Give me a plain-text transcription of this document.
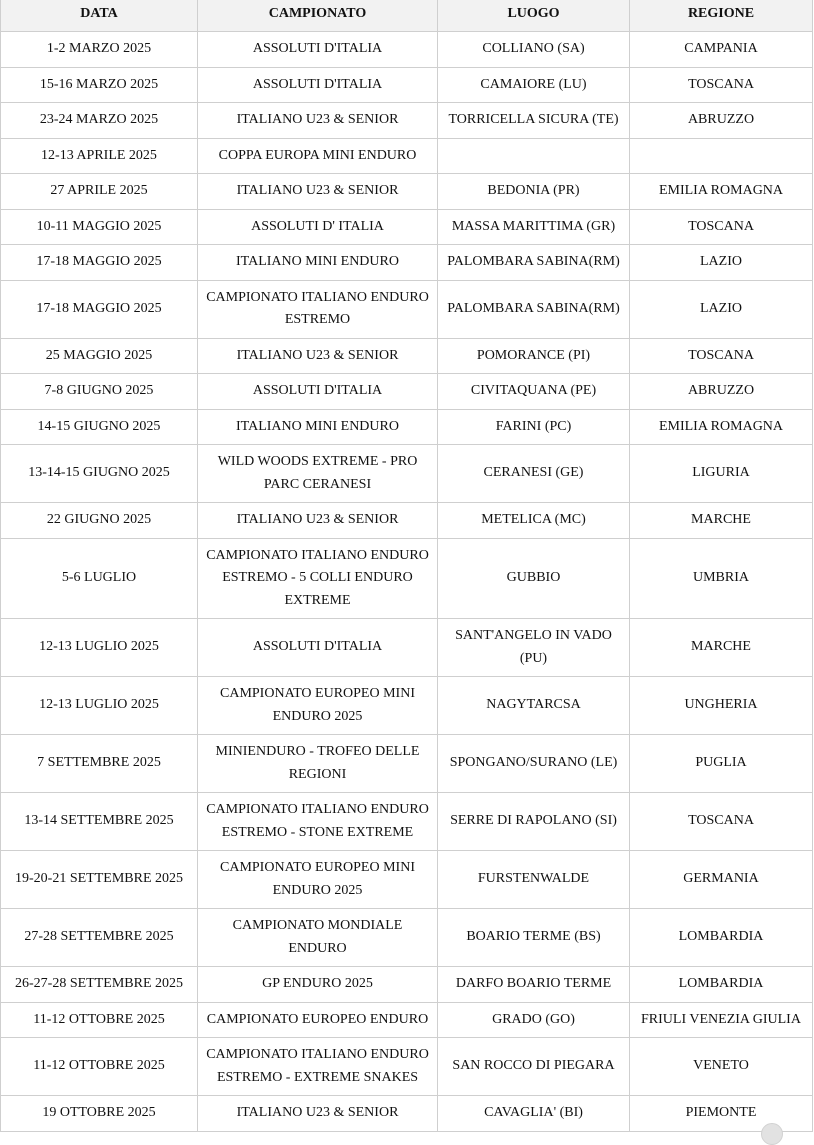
DATA	CAMPIONATO	LUOGO	REGIONE
1-2 MARZO 2025	ASSOLUTI D'ITALIA	COLLIANO (SA)	CAMPANIA
15-16 MARZO 2025	ASSOLUTI D'ITALIA	CAMAIORE (LU)	TOSCANA
23-24 MARZO 2025	ITALIANO U23 & SENIOR	TORRICELLA SICURA (TE)	ABRUZZO
12-13 APRILE 2025	COPPA EUROPA MINI ENDURO		
27 APRILE 2025	ITALIANO U23 & SENIOR	BEDONIA (PR)	EMILIA ROMAGNA
10-11 MAGGIO 2025	ASSOLUTI D' ITALIA	MASSA MARITTIMA (GR)	TOSCANA
17-18 MAGGIO 2025	ITALIANO MINI ENDURO	PALOMBARA SABINA(RM)	LAZIO
17-18 MAGGIO 2025	CAMPIONATO ITALIANO ENDURO ESTREMO	PALOMBARA SABINA(RM)	LAZIO
25 MAGGIO 2025	ITALIANO U23 & SENIOR	POMORANCE (PI)	TOSCANA
7-8 GIUGNO 2025	ASSOLUTI D'ITALIA	CIVITAQUANA (PE)	ABRUZZO
14-15 GIUGNO 2025	ITALIANO MINI ENDURO	FARINI (PC)	EMILIA ROMAGNA
13-14-15 GIUGNO 2025	WILD WOODS EXTREME - PRO PARC CERANESI	CERANESI (GE)	LIGURIA
22 GIUGNO 2025	ITALIANO U23 & SENIOR	METELICA (MC)	MARCHE
5-6 LUGLIO	CAMPIONATO ITALIANO ENDURO ESTREMO - 5 COLLI ENDURO EXTREME	GUBBIO	UMBRIA
12-13 LUGLIO 2025	ASSOLUTI D'ITALIA	SANT'ANGELO IN VADO (PU)	MARCHE
12-13 LUGLIO 2025	CAMPIONATO EUROPEO MINI ENDURO 2025	NAGYTARCSA	UNGHERIA
7 SETTEMBRE 2025	MINIENDURO - TROFEO DELLE REGIONI	SPONGANO/SURANO (LE)	PUGLIA
13-14 SETTEMBRE 2025	CAMPIONATO ITALIANO ENDURO ESTREMO - STONE EXTREME	SERRE DI RAPOLANO (SI)	TOSCANA
19-20-21 SETTEMBRE 2025	CAMPIONATO EUROPEO MINI ENDURO 2025	FURSTENWALDE	GERMANIA
27-28 SETTEMBRE 2025	CAMPIONATO MONDIALE ENDURO	BOARIO TERME (BS)	LOMBARDIA
26-27-28 SETTEMBRE 2025	GP ENDURO 2025	DARFO BOARIO TERME	LOMBARDIA
11-12 OTTOBRE 2025	CAMPIONATO EUROPEO ENDURO	GRADO (GO)	FRIULI VENEZIA GIULIA
11-12 OTTOBRE 2025	CAMPIONATO ITALIANO ENDURO ESTREMO - EXTREME SNAKES	SAN ROCCO DI PIEGARA	VENETO
19 OTTOBRE 2025	ITALIANO U23 & SENIOR	CAVAGLIA' (BI)	PIEMONTE
